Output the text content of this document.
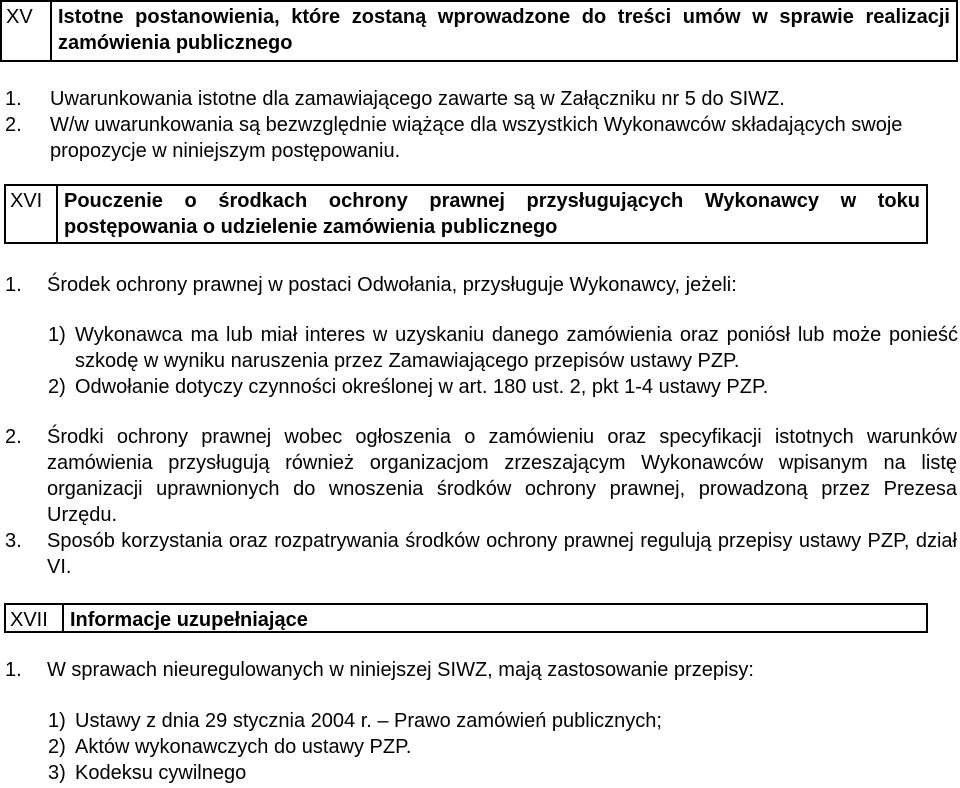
XV	Istotne postanowienia, które zostaną wprowadzone do treści umów w sprawie realizacji zamówienia publicznego
1.	Uwarunkowania istotne dla zamawiającego zawarte są w Załączniku nr 5 do SIWZ.
2.	W/w uwarunkowania są bezwzględnie wiążące dla wszystkich Wykonawców składających swoje propozycje w niniejszym postępowaniu.
XVI	Pouczenie o środkach ochrony prawnej przysługujących Wykonawcy w toku postępowania o udzielenie zamówienia publicznego
1.	Środek ochrony prawnej w postaci Odwołania, przysługuje Wykonawcy, jeżeli:
1) Wykonawca ma lub miał interes w uzyskaniu danego zamówienia oraz poniósł lub może ponieść szkodę w wyniku naruszenia przez Zamawiającego przepisów ustawy PZP.
2) Odwołanie dotyczy czynności określonej w art. 180 ust. 2, pkt 1-4 ustawy PZP.
2.	Środki ochrony prawnej wobec ogłoszenia o zamówieniu oraz specyfikacji istotnych warunków zamówienia przysługują również organizacjom zrzeszającym Wykonawców wpisanym na listę organizacji uprawnionych do wnoszenia środków ochrony prawnej, prowadzoną przez Prezesa Urzędu.
3.	Sposób korzystania oraz rozpatrywania środków ochrony prawnej regulują przepisy ustawy PZP, dział VI.
XVII	Informacje uzupełniające
1.	W sprawach nieuregulowanych w niniejszej SIWZ, mają zastosowanie przepisy:
1) Ustawy z dnia 29 stycznia 2004 r. – Prawo zamówień publicznych;
2) Aktów wykonawczych do ustawy PZP.
3) Kodeksu cywilnego
